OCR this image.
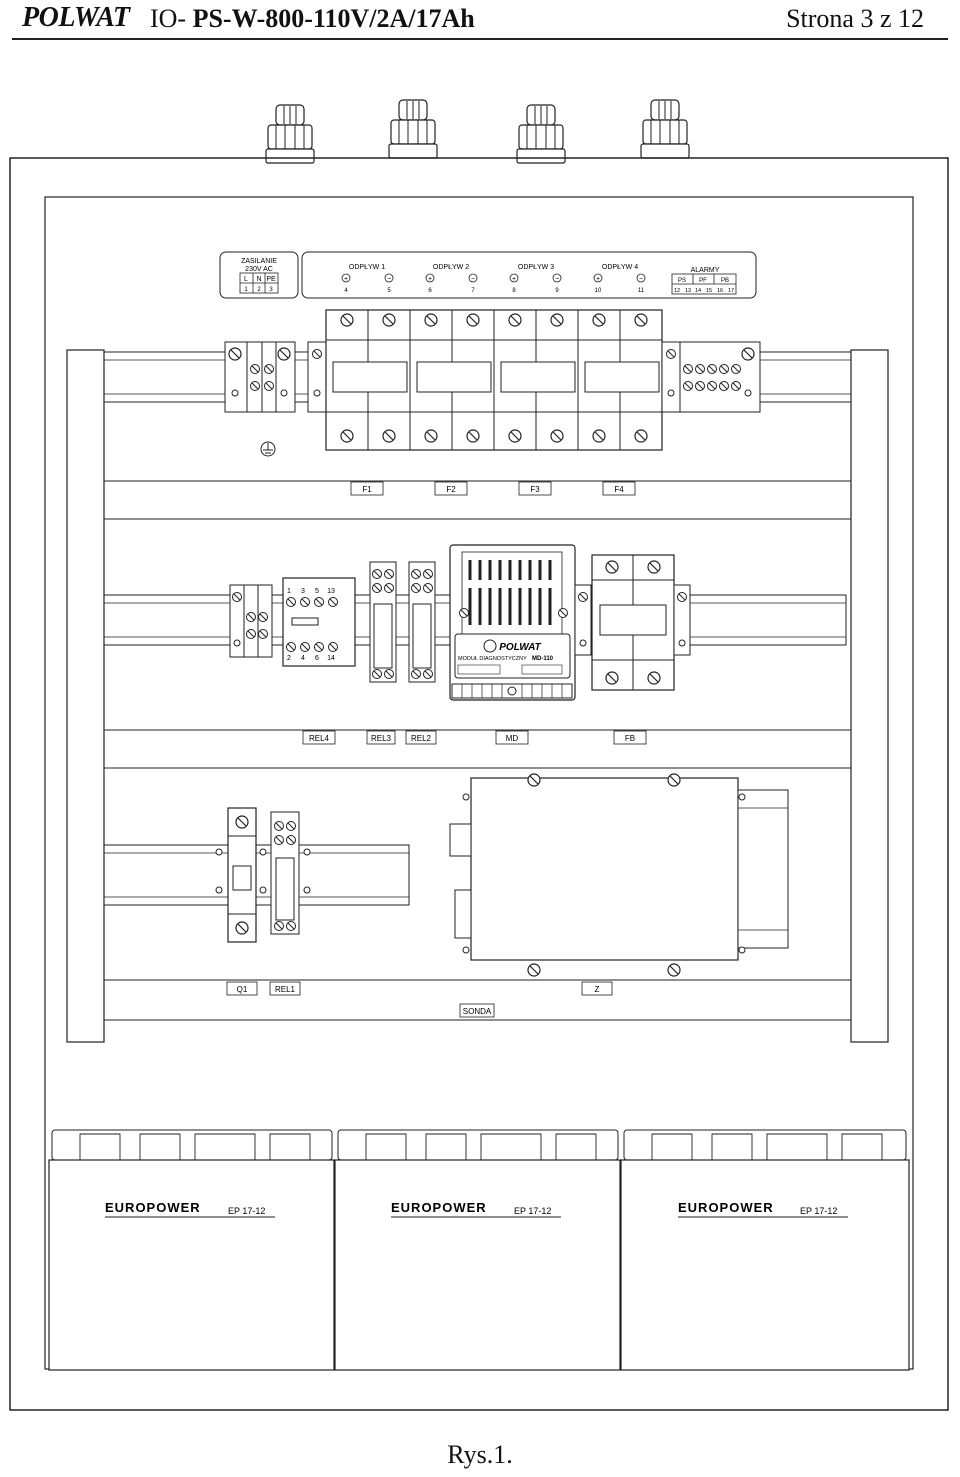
POLWAT IO- PS-W-800-110V/2A/17Ah	Strona 3 z 12
ZASILANIE
230V AC
L N PE
1 2 3
ODPŁYW 1
+	−
4	5
ODPŁYW 2
+	−
6	7
ODPŁYW 3
+	−
8	9
ODPŁYW 4
+	−
10	11
ALARMY
PS PF PB
12 13 14 15 16 17
F1	F2	F3	F4
1 3 5 13
2 4 6 14
POLWAT
MODUŁ DIAGNOSTYCZNY MD-110
REL4	REL3 REL2	MD	FB
Q1	REL1	Z
SONDA
EUROPOWER	EP 17-12	EUROPOWER	EP 17-12	EUROPOWER	EP 17-12
Rys.1.
